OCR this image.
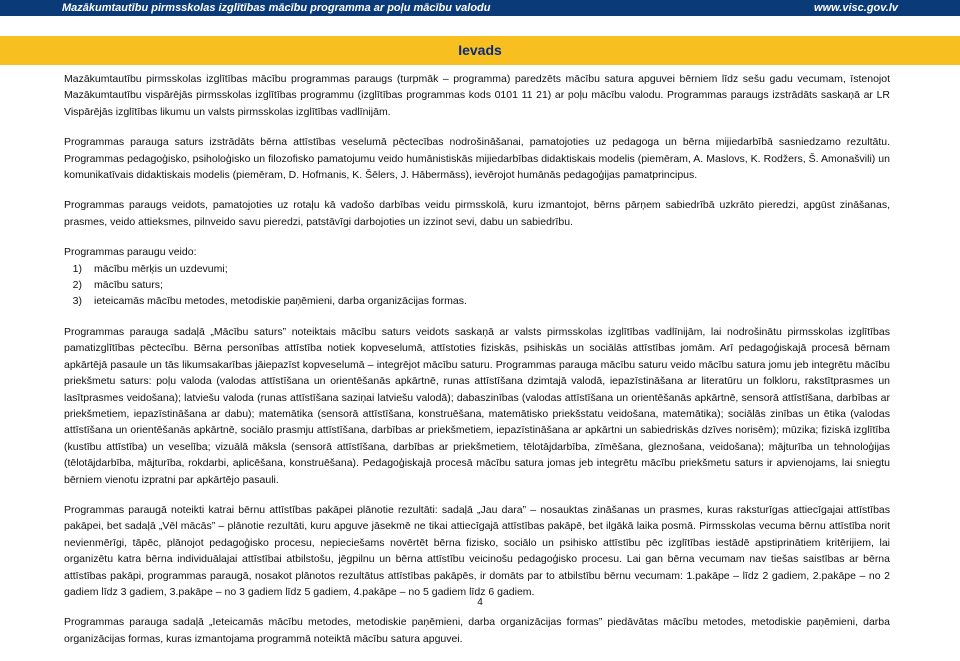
Mazākumtautību pirmsskolas izglītības mācību programma ar poļu mācību valodu	www.visc.gov.lv
Ievads

Mazākumtautību pirmsskolas izglītības mācību programmas paraugs (turpmāk – programma) paredzēts mācību satura apguvei bērniem līdz sešu gadu vecumam, īstenojot Mazākumtautību vispārējās pirmsskolas izglītības programmu (izglītības programmas kods 0101 11 21) ar poļu mācību valodu. Programmas paraugs izstrādāts saskaņā ar LR Vispārējās izglītības likumu un valsts pirmsskolas izglītības vadlīnijām.

Programmas parauga saturs izstrādāts bērna attīstības veselumā pēctecības nodrošināšanai, pamatojoties uz pedagoga un bērna mijiedarbībā sasniedzamo rezultātu. Programmas pedagoģisko, psiholoģisko un filozofisko pamatojumu veido humānistiskās mijiedarbības didaktiskais modelis (piemēram, A. Maslovs, K. Rodžers, Š. Amonašvili) un komunikatīvais didaktiskais modelis (piemēram, D. Hofmanis, K. Šēlers, J. Hābermāss), ievērojot humānās pedagoģijas pamatprincipus.

Programmas paraugs veidots, pamatojoties uz rotaļu kā vadošo darbības veidu pirmsskolā, kuru izmantojot, bērns pārņem sabiedrībā uzkrāto pieredzi, apgūst zināšanas, prasmes, veido attieksmes, pilnveido savu pieredzi, patstāvīgi darbojoties un izzinot sevi, dabu un sabiedrību.

Programmas paraugu veido:

1) mācību mērķis un uzdevumi;
2) mācību saturs;
3) ieteicamās mācību metodes, metodiskie paņēmieni, darba organizācijas formas.

Programmas parauga sadaļā „Mācību saturs” noteiktais mācību saturs veidots saskaņā ar valsts pirmsskolas izglītības vadlīnijām, lai nodrošinātu pirmsskolas izglītības pamatizglītības pēctecību. Bērna personības attīstība notiek kopveselumā, attīstoties fiziskās, psihiskās un sociālās attīstības jomām. Arī pedagoģiskajā procesā bērnam apkārtējā pasaule un tās likumsakarības jāiepazīst kopveselumā – integrējot mācību saturu. Programmas parauga mācību saturu veido mācību satura jomu jeb integrētu mācību priekšmetu saturs: poļu valoda (valodas attīstīšana un orientēšanās apkārtnē, runas attīstīšana dzimtajā valodā, iepazīstināšana ar literatūru un folkloru, rakstītprasmes un lasītprasmes veidošana); latviešu valoda (runas attīstīšana saziņai latviešu valodā); dabaszinības (valodas attīstīšana un orientēšanās apkārtnē, sensorā attīstīšana, darbības ar priekšmetiem, iepazīstināšana ar dabu); matemātika (sensorā attīstīšana, konstruēšana, matemātisko priekšstatu veidošana, matemātika); sociālās zinības un ētika (valodas attīstīšana un orientēšanās apkārtnē, sociālo prasmju attīstīšana, darbības ar priekšmetiem, iepazīstināšana ar apkārtni un sabiedriskās dzīves norisēm); mūzika; fiziskā izglītība (kustību attīstība) un veselība; vizuālā māksla (sensorā attīstīšana, darbības ar priekšmetiem, tēlotājdarbība, zīmēšana, gleznošana, veidošana); mājturība un tehnoloģijas (tēlotājdarbība, mājturība, rokdarbi, aplicēšana, konstruēšana). Pedagoģiskajā procesā mācību satura jomas jeb integrētu mācību priekšmetu saturs ir apvienojams, lai sniegtu bērniem vienotu izpratni par apkārtējo pasauli.

Programmas paraugā noteikti katrai bērnu attīstības pakāpei plānotie rezultāti: sadaļā „Jau dara” – nosauktas zināšanas un prasmes, kuras raksturīgas attiecīgajai attīstības pakāpei, bet sadaļā „Vēl mācās” – plānotie rezultāti, kuru apguve jāsekmē ne tikai attiecīgajā attīstības pakāpē, bet ilgākā laika posmā. Pirmsskolas vecuma bērnu attīstība norit nevienmērīgi, tāpēc, plānojot pedagoģisko procesu, nepieciešams novērtēt bērna fizisko, sociālo un psihisko attīstību pēc izglītības iestādē apstiprinātiem kritērijiem, lai organizētu katra bērna individuālajai attīstībai atbilstošu, jēgpilnu un bērna attīstību veicinošu pedagoģisko procesu. Lai gan bērna vecumam nav tiešas saistības ar bērna attīstības pakāpi, programmas paraugā, nosakot plānotos rezultātus attīstības pakāpēs, ir domāts par to atbilstību bērnu vecumam: 1.pakāpe – līdz 2 gadiem, 2.pakāpe – no 2 gadiem līdz 3 gadiem, 3.pakāpe – no 3 gadiem līdz 5 gadiem, 4.pakāpe – no 5 gadiem līdz 6 gadiem.

Programmas parauga sadaļā „Ieteicamās mācību metodes, metodiskie paņēmieni, darba organizācijas formas” piedāvātas mācību metodes, metodiskie paņēmieni, darba organizācijas formas, kuras izmantojama programmā noteiktā mācību satura apguvei.

4
